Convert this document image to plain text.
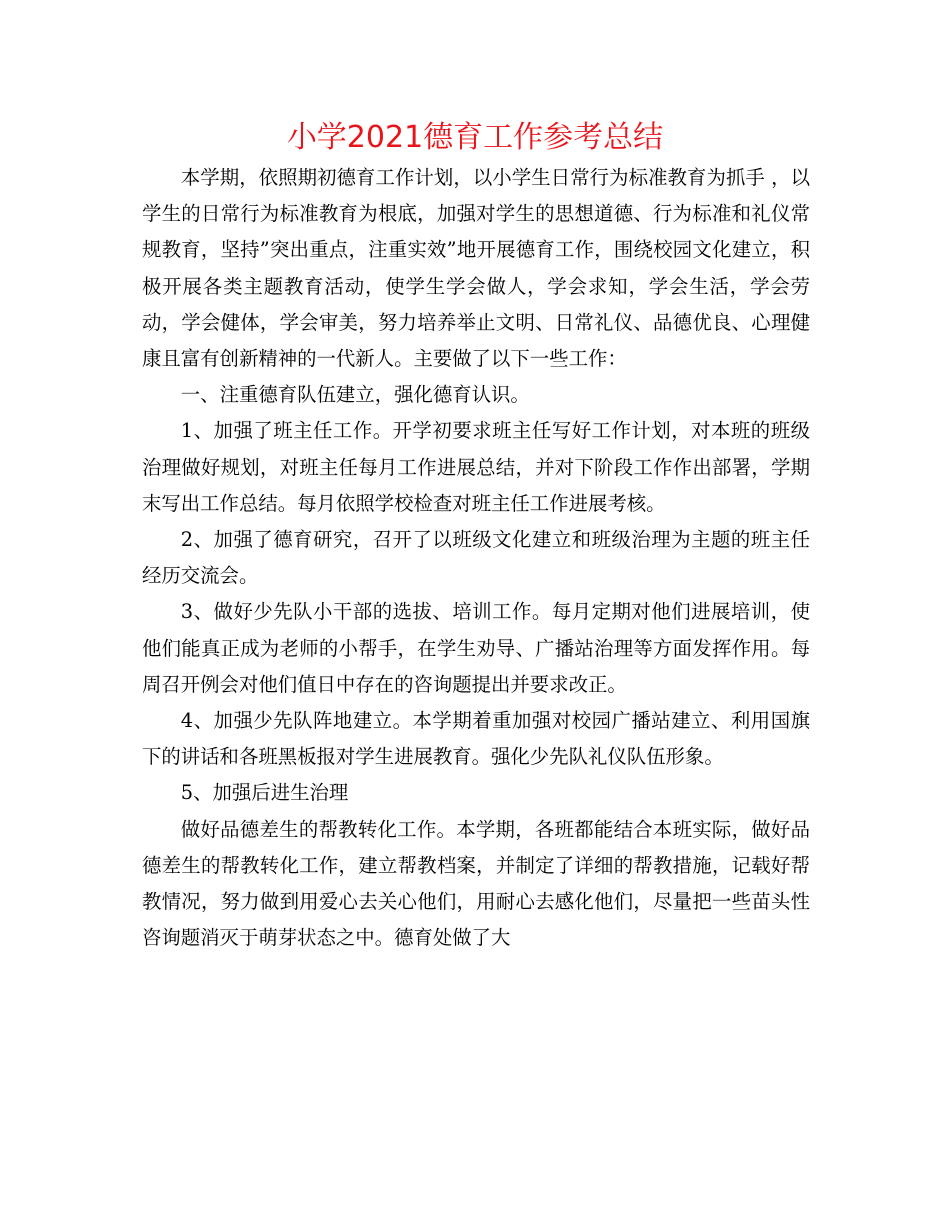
小学2021德育工作参考总结

本学期，依照期初德育工作计划，以小学生日常行为标准教育为抓手 ，以学生的日常行为标准教育为根底，加强对学生的思想道德、行为标准和礼仪常规教育，坚持”突出重点，注重实效”地开展德育工作，围绕校园文化建立，积极开展各类主题教育活动，使学生学会做人，学会求知，学会生活，学会劳动，学会健体，学会审美，努力培养举止文明、日常礼仪、品德优良、心理健康且富有创新精神的一代新人。主要做了以下一些工作：

一、注重德育队伍建立，强化德育认识。

1、加强了班主任工作。开学初要求班主任写好工作计划，对本班的班级治理做好规划，对班主任每月工作进展总结，并对下阶段工作作出部署，学期末写出工作总结。每月依照学校检查对班主任工作进展考核。

2、加强了德育研究，召开了以班级文化建立和班级治理为主题的班主任经历交流会。

3、做好少先队小干部的选拔、培训工作。每月定期对他们进展培训，使他们能真正成为老师的小帮手，在学生劝导、广播站治理等方面发挥作用。每周召开例会对他们值日中存在的咨询题提出并要求改正。

4、加强少先队阵地建立。本学期着重加强对校园广播站建立、利用国旗下的讲话和各班黑板报对学生进展教育。强化少先队礼仪队伍形象。

5、加强后进生治理

做好品德差生的帮教转化工作。本学期，各班都能结合本班实际，做好品德差生的帮教转化工作，建立帮教档案，并制定了详细的帮教措施，记载好帮教情况，努力做到用爱心去关心他们，用耐心去感化他们，尽量把一些苗头性咨询题消灭于萌芽状态之中。德育处做了大
